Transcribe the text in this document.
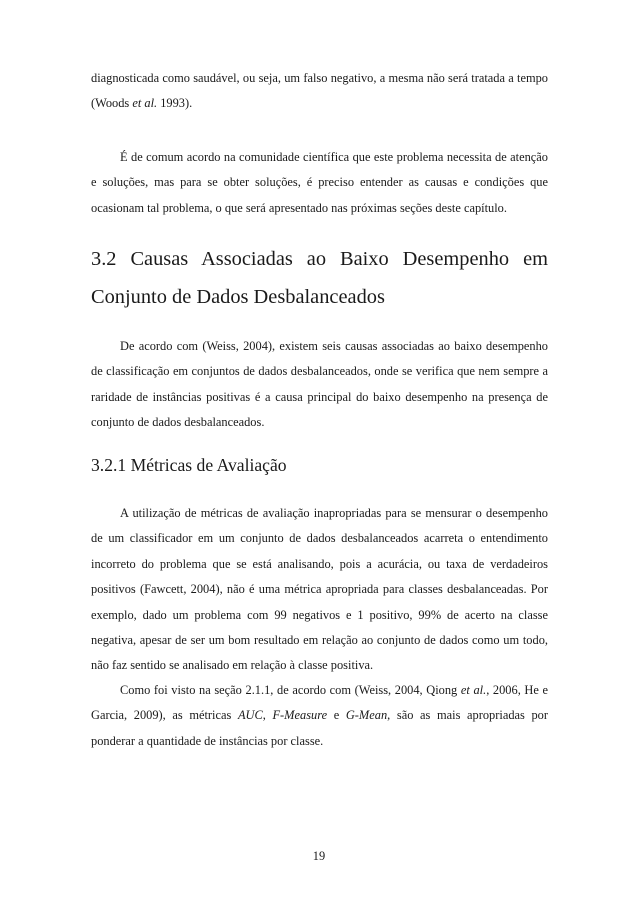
diagnosticada como saudável, ou seja, um falso negativo, a mesma não será tratada a tempo (Woods et al. 1993).

É de comum acordo na comunidade científica que este problema necessita de atenção e soluções, mas para se obter soluções, é preciso entender as causas e condições que ocasionam tal problema, o que será apresentado nas próximas seções deste capítulo.

3.2 Causas Associadas ao Baixo Desempenho em Conjunto de Dados Desbalanceados

De acordo com (Weiss, 2004), existem seis causas associadas ao baixo desempenho de classificação em conjuntos de dados desbalanceados, onde se verifica que nem sempre a raridade de instâncias positivas é a causa principal do baixo desempenho na presença de conjunto de dados desbalanceados.

3.2.1 Métricas de Avaliação

A utilização de métricas de avaliação inapropriadas para se mensurar o desempenho de um classificador em um conjunto de dados desbalanceados acarreta o entendimento incorreto do problema que se está analisando, pois a acurácia, ou taxa de verdadeiros positivos (Fawcett, 2004), não é uma métrica apropriada para classes desbalanceadas. Por exemplo, dado um problema com 99 negativos e 1 positivo, 99% de acerto na classe negativa, apesar de ser um bom resultado em relação ao conjunto de dados como um todo, não faz sentido se analisado em relação à classe positiva.

Como foi visto na seção 2.1.1, de acordo com (Weiss, 2004, Qiong et al., 2006, He e Garcia, 2009), as métricas AUC, F-Measure e G-Mean, são as mais apropriadas por ponderar a quantidade de instâncias por classe.

19
